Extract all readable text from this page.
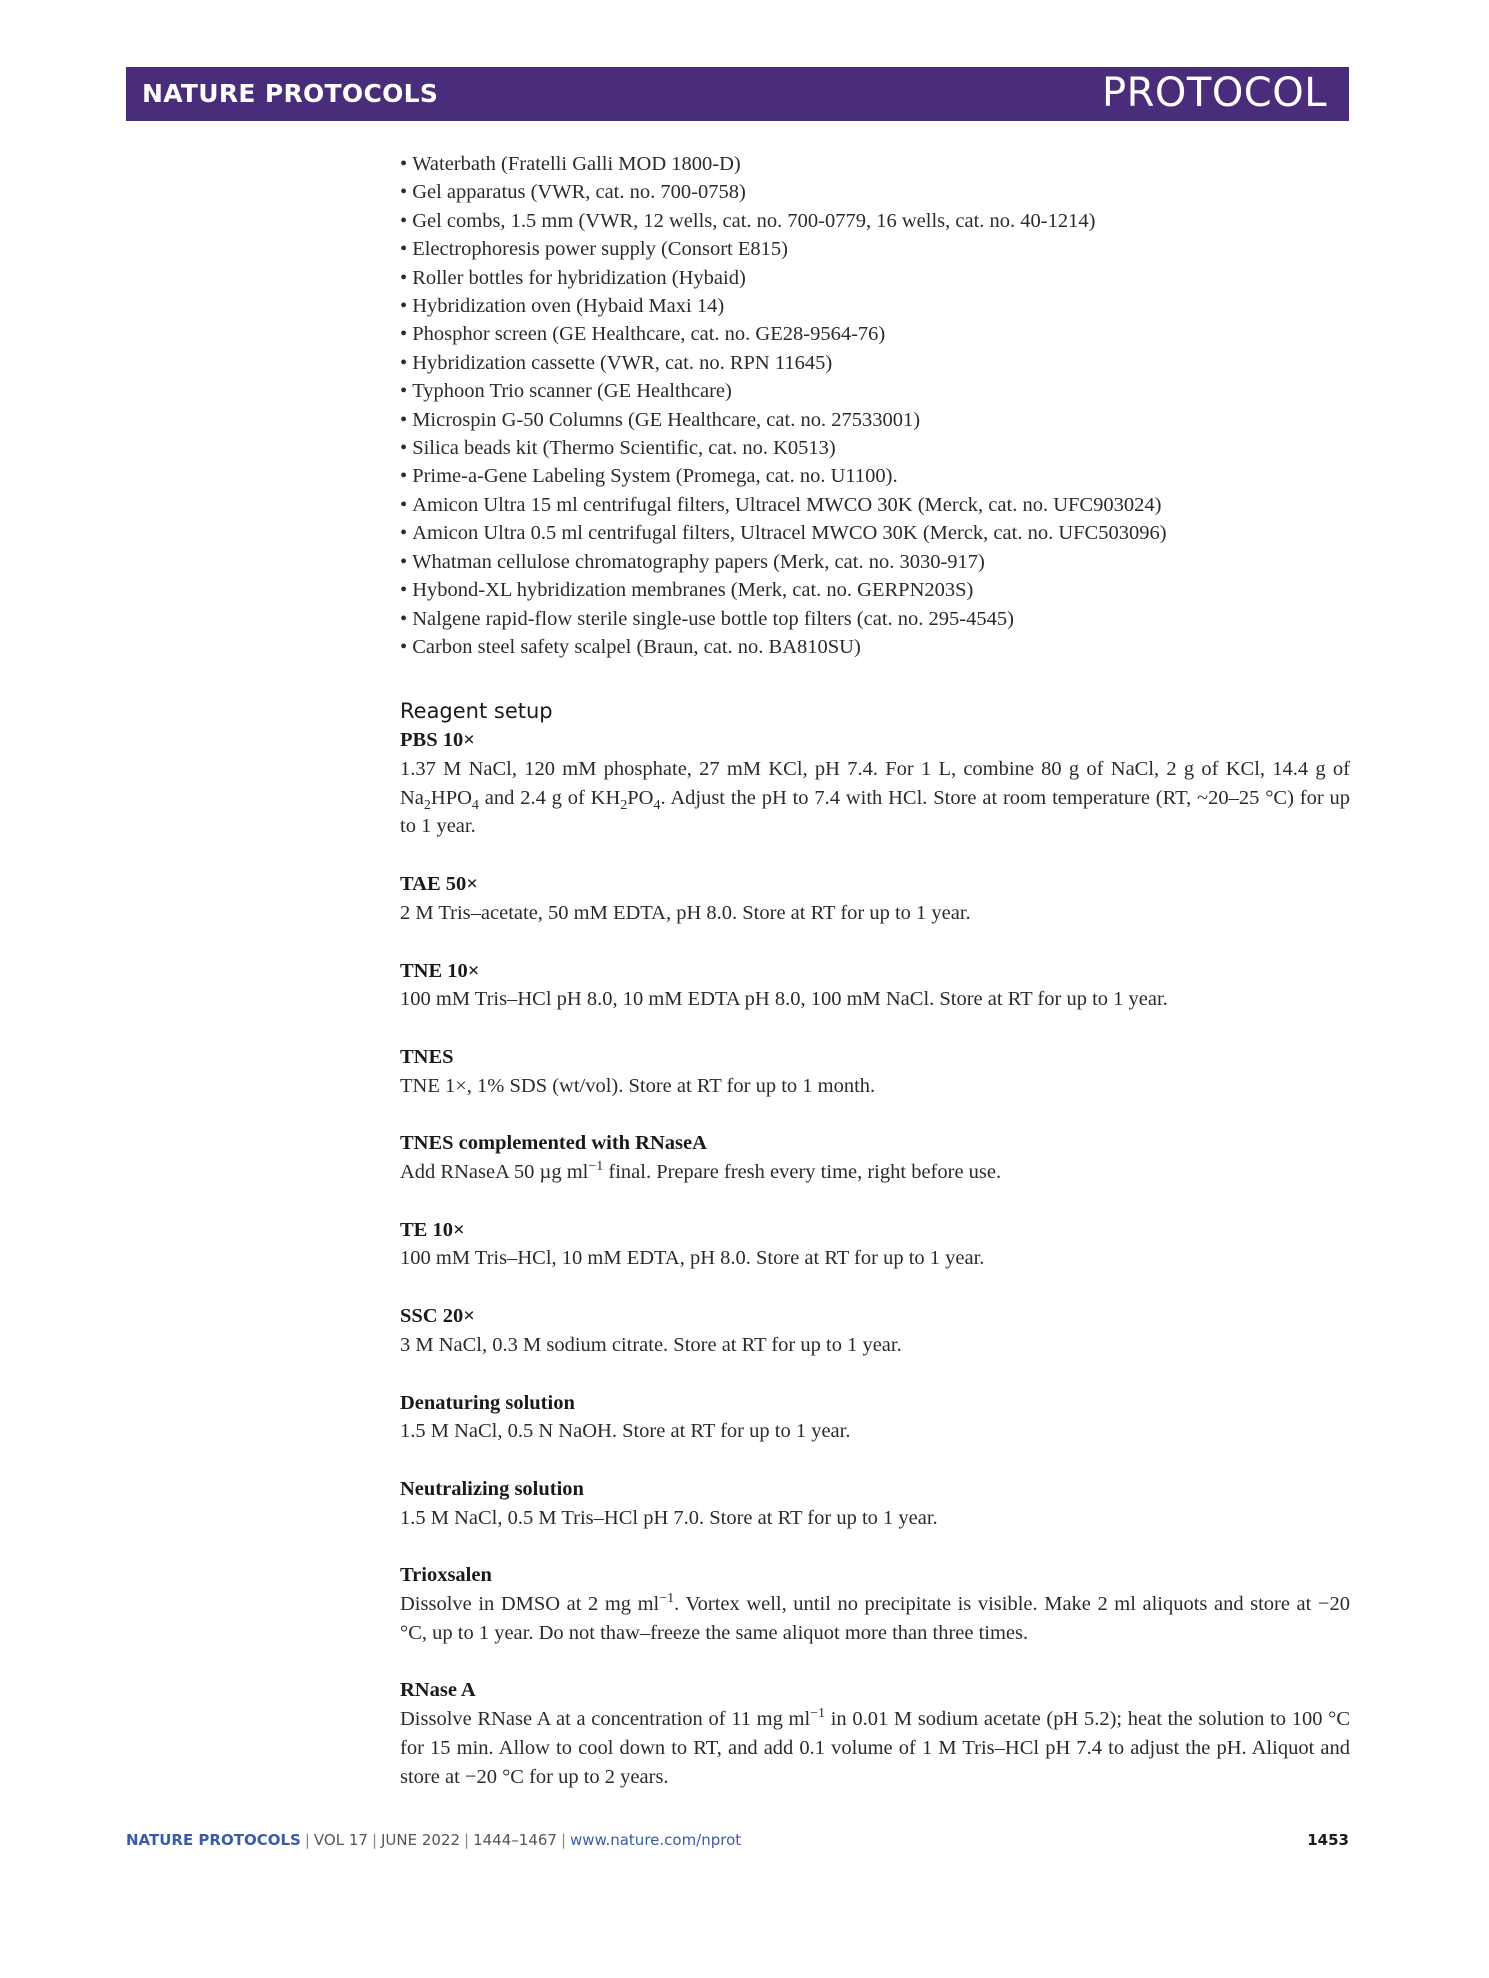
NATURE PROTOCOLS	PROTOCOL
• Waterbath (Fratelli Galli MOD 1800-D)
• Gel apparatus (VWR, cat. no. 700-0758)
• Gel combs, 1.5 mm (VWR, 12 wells, cat. no. 700-0779, 16 wells, cat. no. 40-1214)
• Electrophoresis power supply (Consort E815)
• Roller bottles for hybridization (Hybaid)
• Hybridization oven (Hybaid Maxi 14)
• Phosphor screen (GE Healthcare, cat. no. GE28-9564-76)
• Hybridization cassette (VWR, cat. no. RPN 11645)
• Typhoon Trio scanner (GE Healthcare)
• Microspin G-50 Columns (GE Healthcare, cat. no. 27533001)
• Silica beads kit (Thermo Scientific, cat. no. K0513)
• Prime-a-Gene Labeling System (Promega, cat. no. U1100).
• Amicon Ultra 15 ml centrifugal filters, Ultracel MWCO 30K (Merck, cat. no. UFC903024)
• Amicon Ultra 0.5 ml centrifugal filters, Ultracel MWCO 30K (Merck, cat. no. UFC503096)
• Whatman cellulose chromatography papers (Merk, cat. no. 3030-917)
• Hybond-XL hybridization membranes (Merk, cat. no. GERPN203S)
• Nalgene rapid-flow sterile single-use bottle top filters (cat. no. 295-4545)
• Carbon steel safety scalpel (Braun, cat. no. BA810SU)
Reagent setup
PBS 10×
1.37 M NaCl, 120 mM phosphate, 27 mM KCl, pH 7.4. For 1 L, combine 80 g of NaCl, 2 g of KCl, 14.4 g of $Na_2HPO_4$ and 2.4 g of $KH_2PO_4$. Adjust the pH to 7.4 with HCl. Store at room temperature (RT, ~20–25 °C) for up to 1 year.
TAE 50×
2 M Tris–acetate, 50 mM EDTA, pH 8.0. Store at RT for up to 1 year.
TNE 10×
100 mM Tris–HCl pH 8.0, 10 mM EDTA pH 8.0, 100 mM NaCl. Store at RT for up to 1 year.
TNES
TNE 1×, 1% SDS (wt/vol). Store at RT for up to 1 month.
TNES complemented with RNaseA
Add RNaseA 50 µg $ml^{-1}$ final. Prepare fresh every time, right before use.
TE 10×
100 mM Tris–HCl, 10 mM EDTA, pH 8.0. Store at RT for up to 1 year.
SSC 20×
3 M NaCl, 0.3 M sodium citrate. Store at RT for up to 1 year.
Denaturing solution
1.5 M NaCl, 0.5 N NaOH. Store at RT for up to 1 year.
Neutralizing solution
1.5 M NaCl, 0.5 M Tris–HCl pH 7.0. Store at RT for up to 1 year.
Trioxsalen
Dissolve in DMSO at 2 mg $ml^{-1}$. Vortex well, until no precipitate is visible. Make 2 ml aliquots and store at −20 °C, up to 1 year. Do not thaw–freeze the same aliquot more than three times.
RNase A
Dissolve RNase A at a concentration of 11 mg $ml^{-1}$ in 0.01 M sodium acetate (pH 5.2); heat the solution to 100 °C for 15 min. Allow to cool down to RT, and add 0.1 volume of 1 M Tris–HCl pH 7.4 to adjust the pH. Aliquot and store at −20 °C for up to 2 years.
NATURE PROTOCOLS | VOL 17 | JUNE 2022 | 1444–1467 | www.nature.com/nprot	1453
